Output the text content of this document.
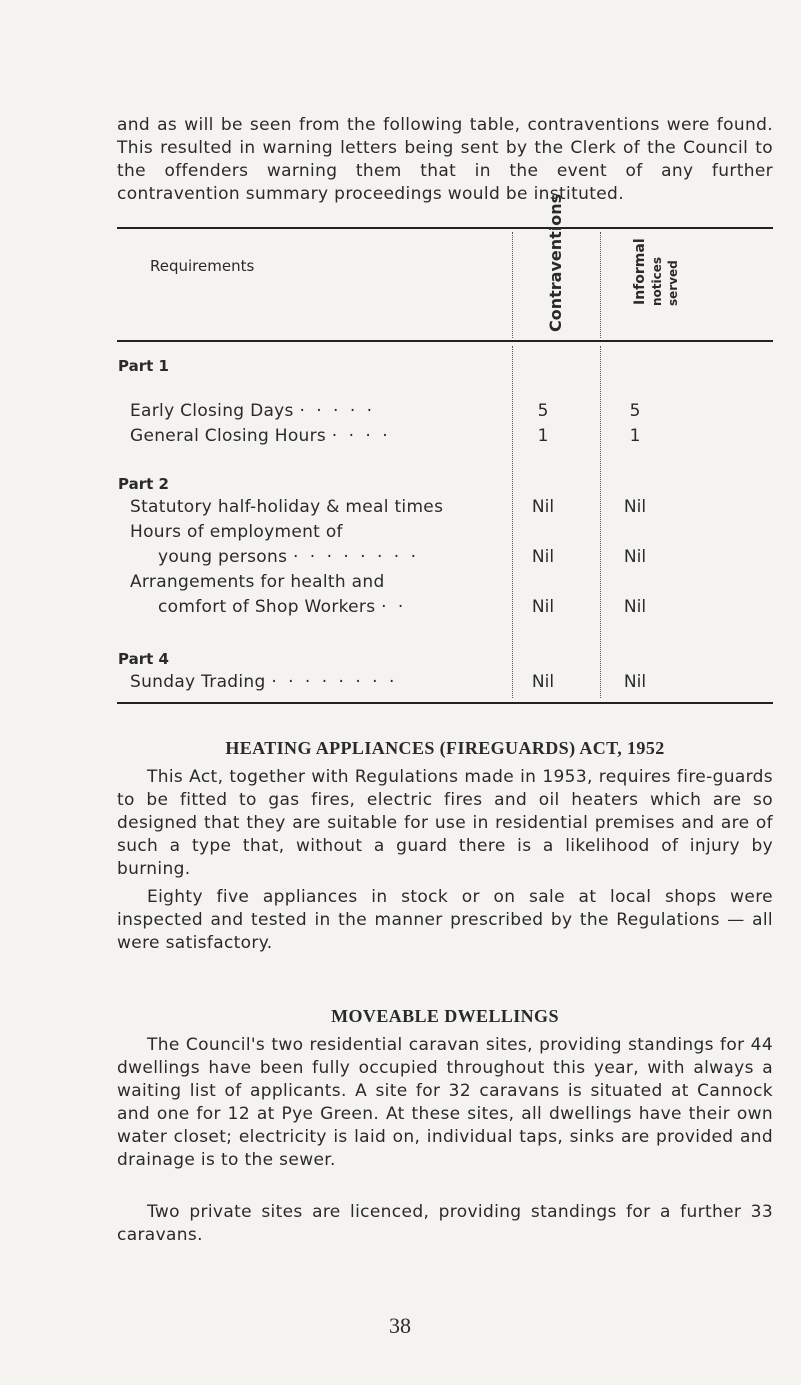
and as will be seen from the following table, contraventions were found. This resulted in warning letters being sent by the Clerk of the Council to the offenders warning them that in the event of any further contravention summary proceedings would be instituted.

Requirements	Contraventions	Informal notices served
Part 1
Early Closing Days · · · · ·	5	5
General Closing Hours · · · ·	1	1
Part 2
Statutory half-holiday & meal times	Nil	Nil
Hours of employment of
young persons · · · · · · · ·	Nil	Nil
Arrangements for health and
comfort of Shop Workers · ·	Nil	Nil
Part 4
Sunday Trading · · · · · · · ·	Nil	Nil
HEATING APPLIANCES (FIREGUARDS) ACT, 1952

This Act, together with Regulations made in 1953, requires fire-guards to be fitted to gas fires, electric fires and oil heaters which are so designed that they are suitable for use in residential premises and are of such a type that, without a guard there is a likelihood of injury by burning.

Eighty five appliances in stock or on sale at local shops were inspected and tested in the manner prescribed by the Regulations — all were satisfactory.

MOVEABLE DWELLINGS

The Council's two residential caravan sites, providing standings for 44 dwellings have been fully occupied throughout this year, with always a waiting list of applicants. A site for 32 caravans is situated at Cannock and one for 12 at Pye Green. At these sites, all dwellings have their own water closet; electricity is laid on, individual taps, sinks are provided and drainage is to the sewer.

Two private sites are licenced, providing standings for a further 33 caravans.

38
